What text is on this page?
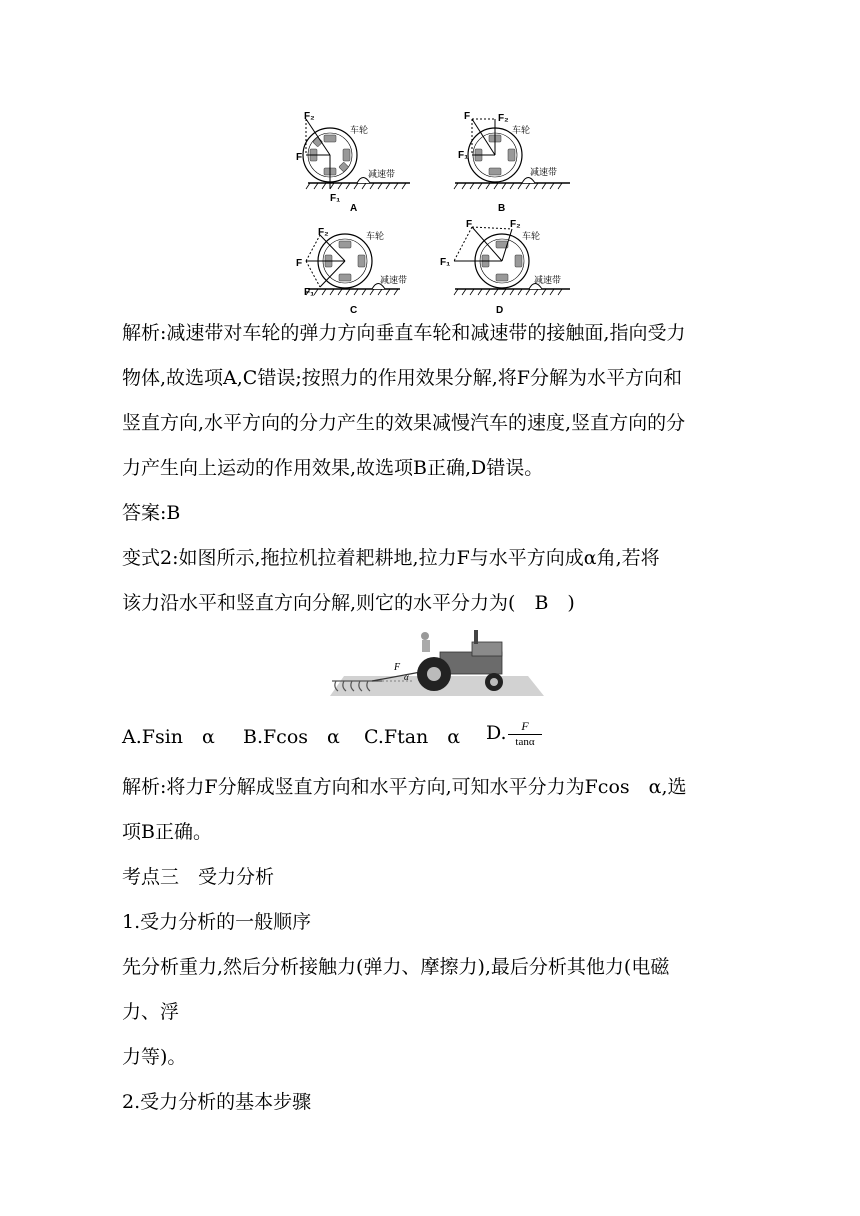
F₂
F
F₁
车轮
减速带
A
F	F₂
F₁
车轮
减速带
B
F₂
F
F₁
车轮
减速带
C
F	F₂
F₁
车轮
减速带
D
解析:减速带对车轮的弹力方向垂直车轮和减速带的接触面,指向受力
物体,故选项A,C错误;按照力的作用效果分解,将F分解为水平方向和
竖直方向,水平方向的分力产生的效果减慢汽车的速度,竖直方向的分
力产生向上运动的作用效果,故选项B正确,D错误。
答案:B
变式2:如图所示,拖拉机拉着耙耕地,拉力F与水平方向成α角,若将
该力沿水平和竖直方向分解,则它的水平分力为(　B　)
F
α
A.Fsin　α B.Fcos　α C.Ftan　α D.	F
tanα
解析:将力F分解成竖直方向和水平方向,可知水平分力为Fcos　α,选
项B正确。
考点三　受力分析
1.受力分析的一般顺序
先分析重力,然后分析接触力(弹力、摩擦力),最后分析其他力(电磁
力、浮
力等)。
2.受力分析的基本步骤
